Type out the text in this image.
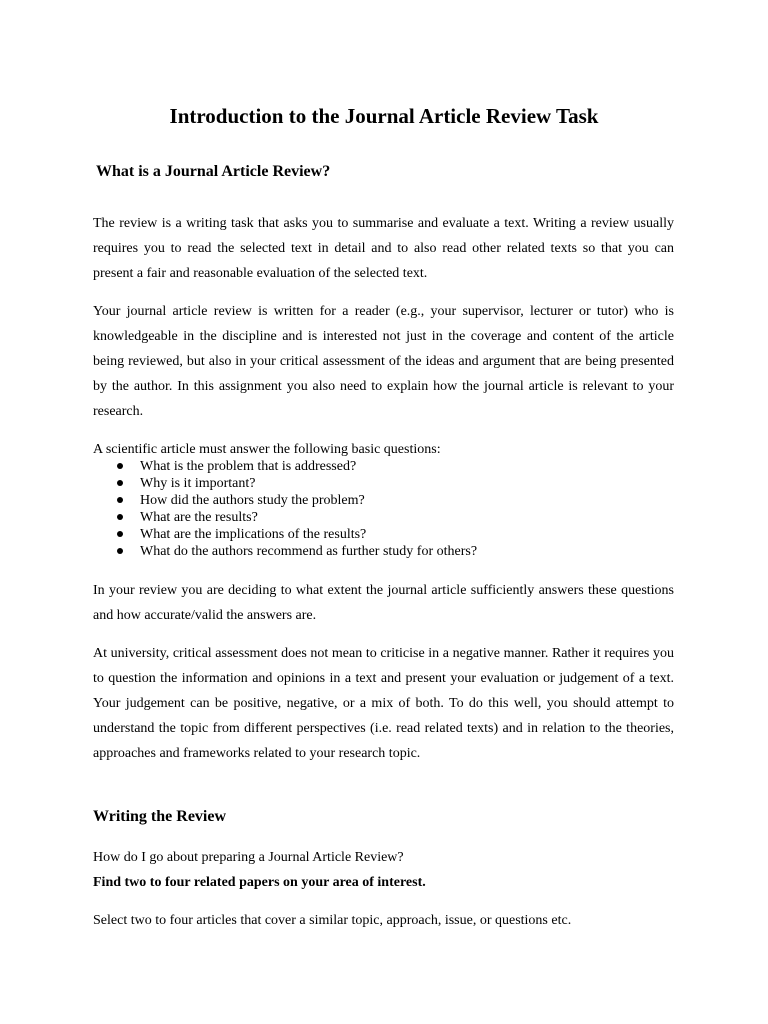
Introduction to the Journal Article Review Task
What is a Journal Article Review?

The review is a writing task that asks you to summarise and evaluate a text. Writing a review usually requires you to read the selected text in detail and to also read other related texts so that you can present a fair and reasonable evaluation of the selected text.

Your journal article review is written for a reader (e.g., your supervisor, lecturer or tutor) who is knowledgeable in the discipline and is interested not just in the coverage and content of the article being reviewed, but also in your critical assessment of the ideas and argument that are being presented by the author. In this assignment you also need to explain how the journal article is relevant to your research.

A scientific article must answer the following basic questions:
What is the problem that is addressed?
Why is it important?
How did the authors study the problem?
What are the results?
What are the implications of the results?
What do the authors recommend as further study for others?

In your review you are deciding to what extent the journal article sufficiently answers these questions and how accurate/valid the answers are.

At university, critical assessment does not mean to criticise in a negative manner. Rather it requires you to question the information and opinions in a text and present your evaluation or judgement of a text. Your judgement can be positive, negative, or a mix of both. To do this well, you should attempt to understand the topic from different perspectives (i.e. read related texts) and in relation to the theories, approaches and frameworks related to your research topic.

Writing the Review
How do I go about preparing a Journal Article Review?
Find two to four related papers on your area of interest.
Select two to four articles that cover a similar topic, approach, issue, or questions etc.
